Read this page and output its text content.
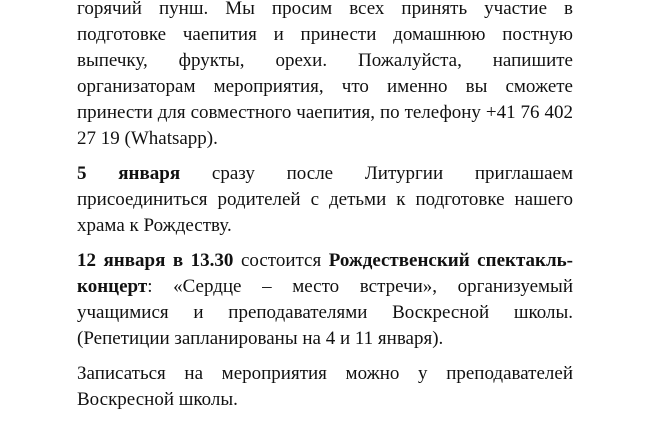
горячий пунш. Мы просим всех принять участие в подготовке чаепития и принести домашнюю постную выпечку, фрукты, орехи. Пожалуйста, напишите организаторам мероприятия, что именно вы сможете принести для совместного чаепития, по телефону +41 76 402 27 19 (Whatsapp).

5 января сразу после Литургии приглашаем присоединиться родителей с детьми к подготовке нашего храма к Рождеству.

12 января в 13.30 состоится Рождественский спектакль-концерт: «Сердце – место встречи», организуемый учащимися и преподавателями Воскресной школы. (Репетиции запланированы на 4 и 11 января).

Записаться на мероприятия можно у преподавателей Воскресной школы.
